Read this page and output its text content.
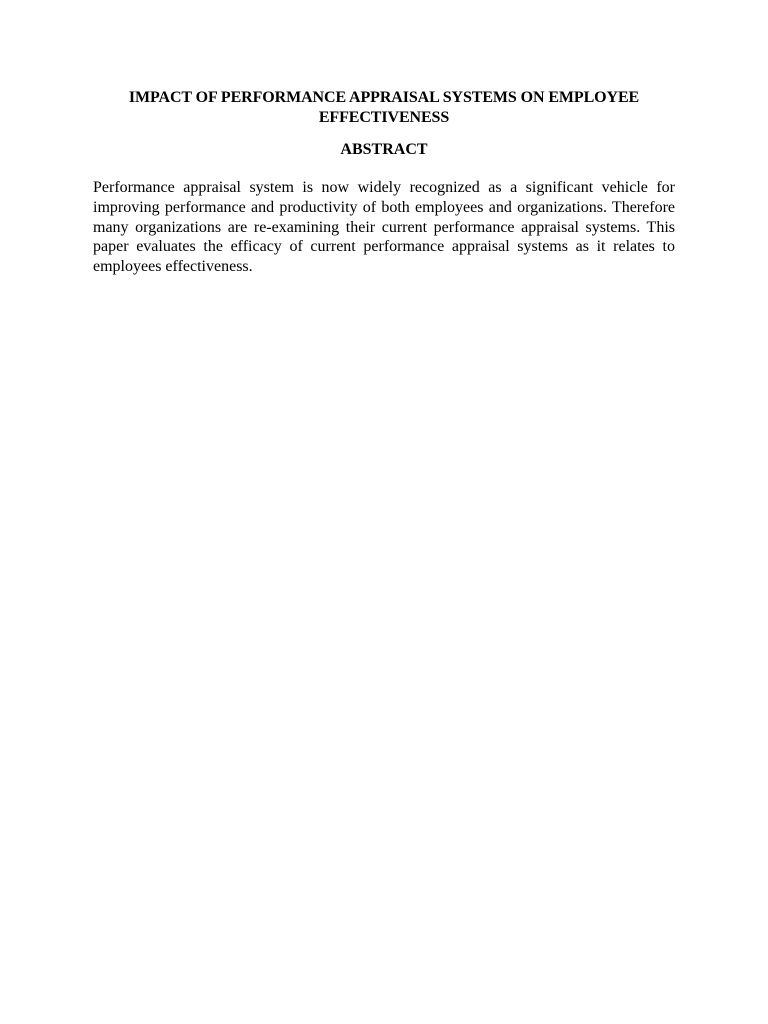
IMPACT OF PERFORMANCE APPRAISAL SYSTEMS ON EMPLOYEE EFFECTIVENESS
ABSTRACT

Performance appraisal system is now widely recognized as a significant vehicle for improving performance and productivity of both employees and organizations. Therefore many organizations are re-examining their current performance appraisal systems. This paper evaluates the efficacy of current performance appraisal systems as it relates to employees effectiveness.
